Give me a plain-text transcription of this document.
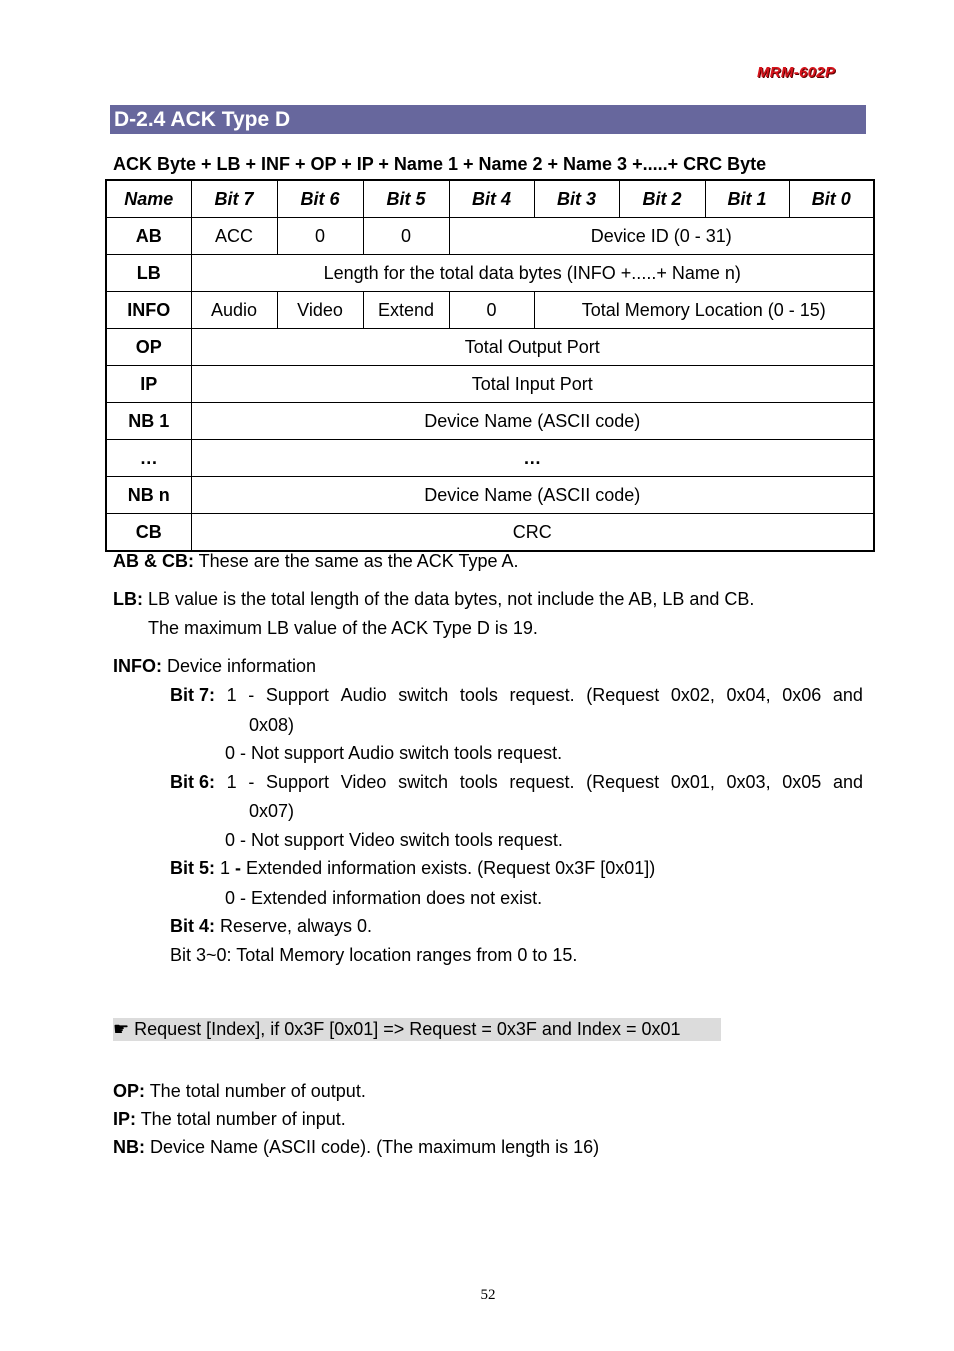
MRM-602P
D-2.4 ACK Type D
ACK Byte + LB + INF + OP + IP + Name 1 + Name 2 + Name 3 +.....+ CRC Byte
Name	Bit 7	Bit 6	Bit 5	Bit 4	Bit 3	Bit 2	Bit 1	Bit 0
AB	ACC	0	0	Device ID (0 - 31)				
LB	Length for the total data bytes (INFO +.....+ Name n)							
INFO	Audio	Video	Extend	0	Total Memory Location (0 - 15)			
OP	Total Output Port							
IP	Total Input Port							
NB 1	Device Name (ASCII code)							
…	…							
NB n	Device Name (ASCII code)							
CB	CRC							
AB & CB: These are the same as the ACK Type A.
LB: LB value is the total length of the data bytes, not include the AB, LB and CB.
The maximum LB value of the ACK Type D is 19.
INFO: Device information
Bit 7: 1 - Support Audio switch tools request. (Request 0x02, 0x04, 0x06 and
0x08)
0 - Not support Audio switch tools request.
Bit 6: 1 - Support Video switch tools request. (Request 0x01, 0x03, 0x05 and
0x07)
0 - Not support Video switch tools request.
Bit 5: 1 - Extended information exists. (Request 0x3F [0x01])
0 - Extended information does not exist.
Bit 4: Reserve, always 0.
Bit 3~0: Total Memory location ranges from 0 to 15.
☛ Request [Index], if 0x3F [0x01] => Request = 0x3F and Index = 0x01
OP: The total number of output.
IP: The total number of input.
NB: Device Name (ASCII code). (The maximum length is 16)
52
